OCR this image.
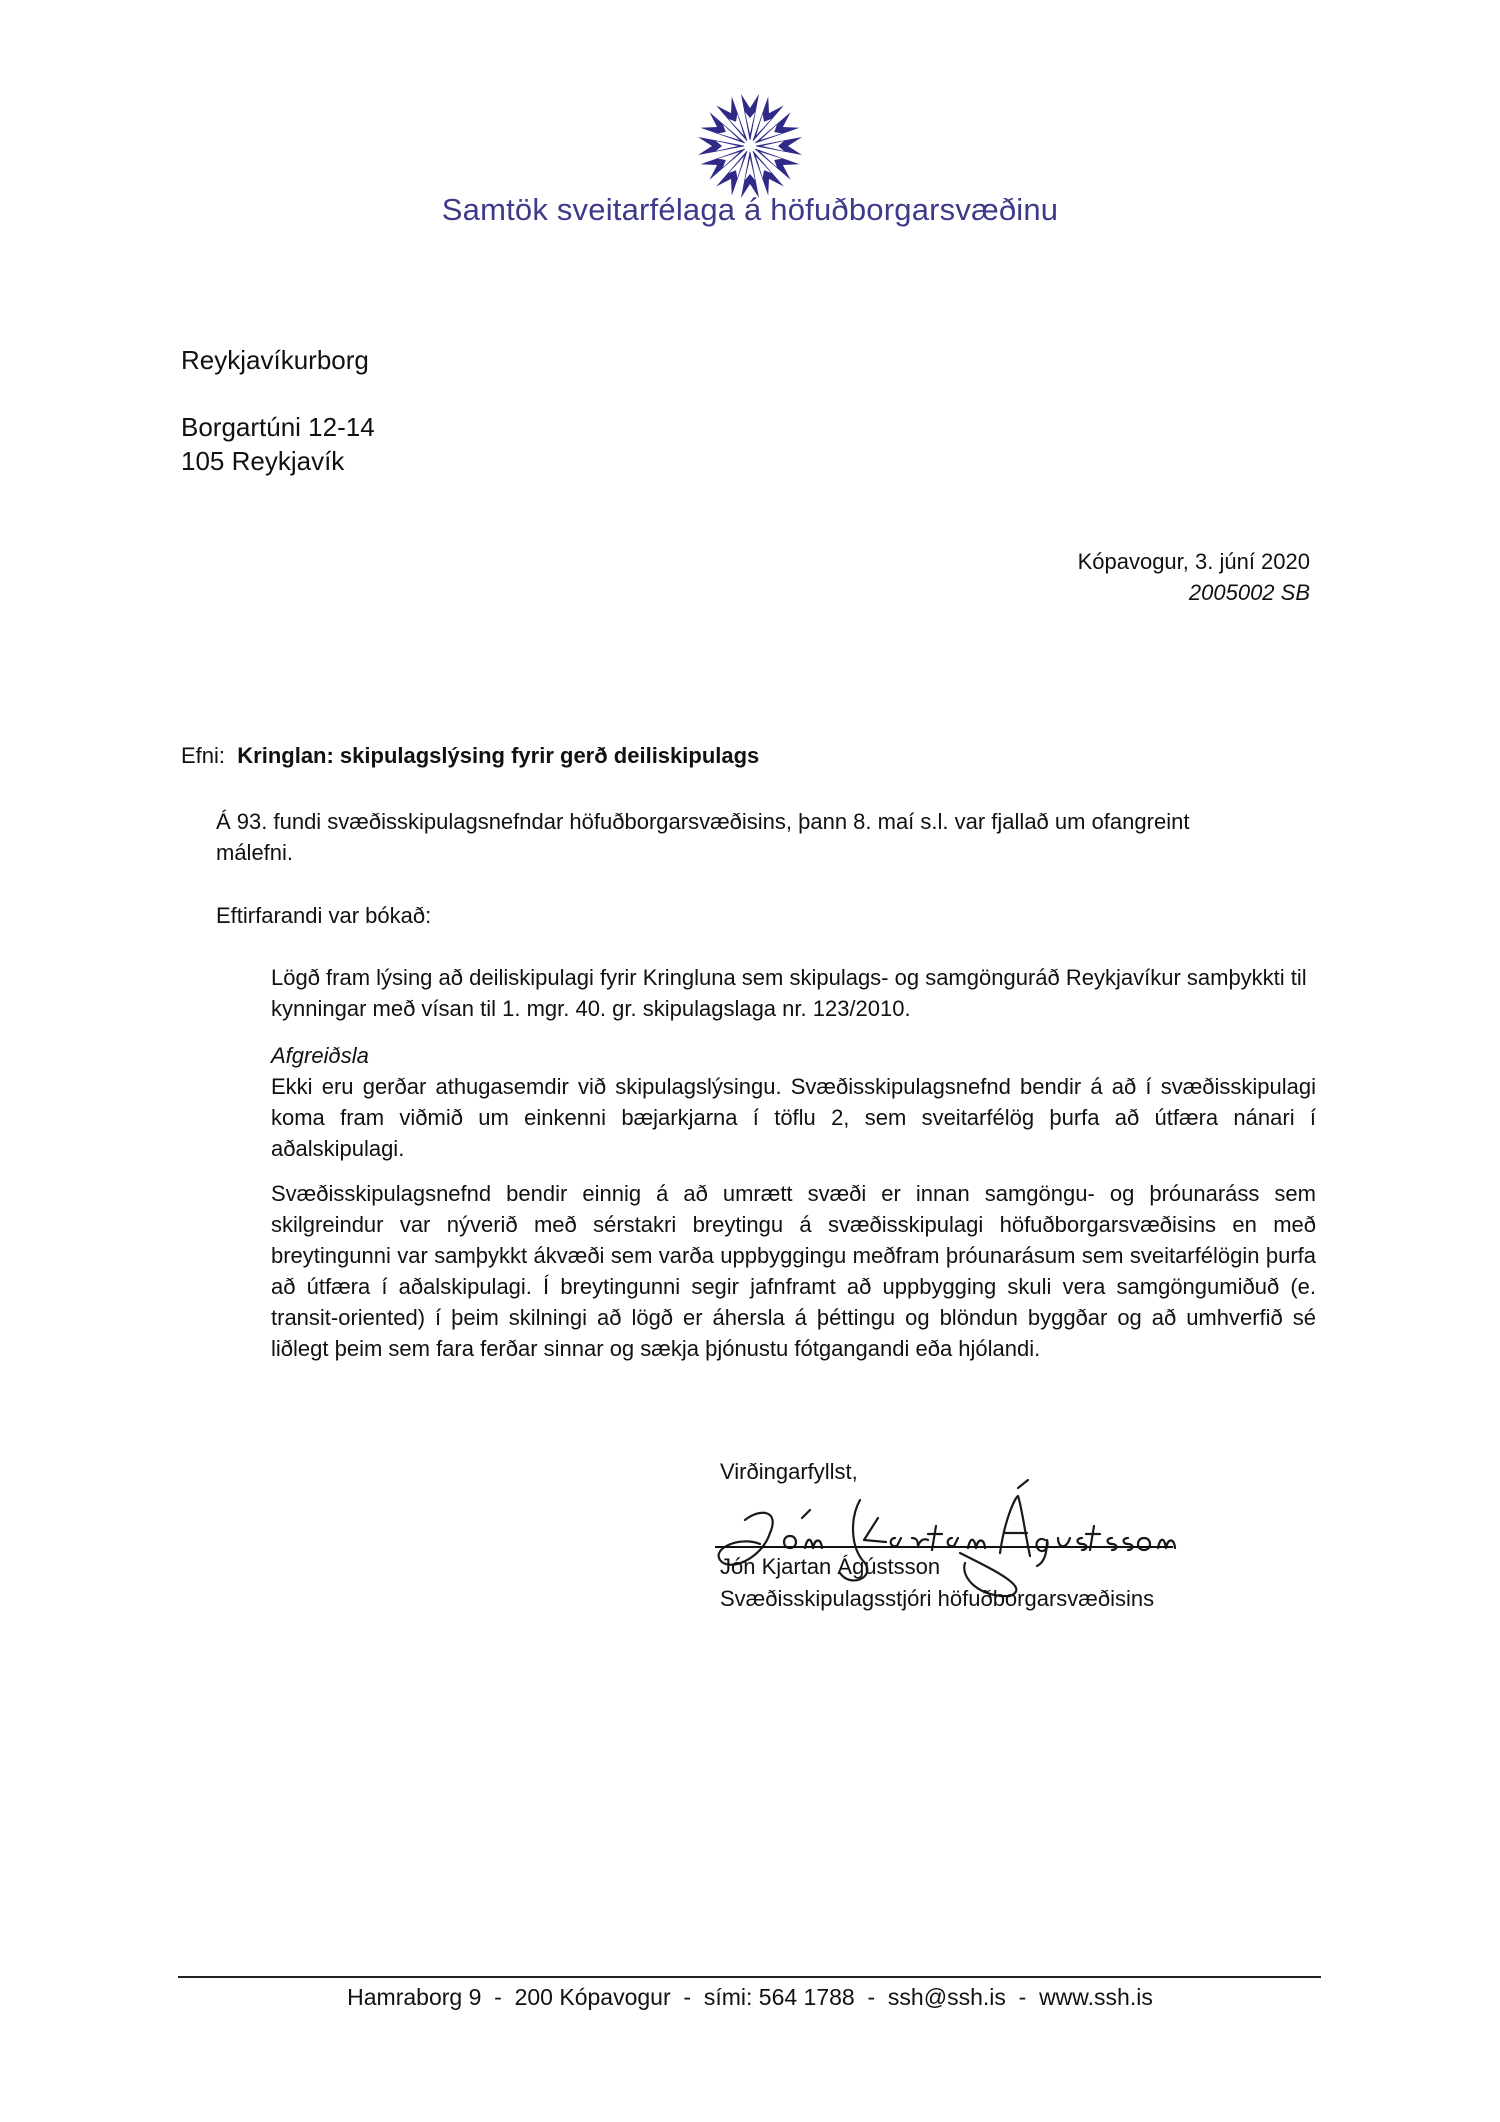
Samtök sveitarfélaga á höfuðborgarsvæðinu
Reykjavíkurborg
Borgartúni 12-14
105 Reykjavík
Kópavogur, 3. júní 2020
2005002 SB
Efni: Kringlan: skipulagslýsing fyrir gerð deiliskipulags
Á 93. fundi svæðisskipulagsnefndar höfuðborgarsvæðisins, þann 8. maí s.l. var fjallað um ofangreint málefni.
Eftirfarandi var bókað:
Lögð fram lýsing að deiliskipulagi fyrir Kringluna sem skipulags- og samgönguráð Reykjavíkur samþykkti til kynningar með vísan til 1. mgr. 40. gr. skipulagslaga nr. 123/2010.
Afgreiðsla
Ekki eru gerðar athugasemdir við skipulagslýsingu. Svæðisskipulagsnefnd bendir á að í svæðisskipulagi koma fram viðmið um einkenni bæjarkjarna í töflu 2, sem sveitarfélög þurfa að útfæra nánari í aðalskipulagi.
Svæðisskipulagsnefnd bendir einnig á að umrætt svæði er innan samgöngu- og þróunaráss sem skilgreindur var nýverið með sérstakri breytingu á svæðisskipulagi höfuðborgarsvæðisins en með breytingunni var samþykkt ákvæði sem varða uppbyggingu meðfram þróunarásum sem sveitarfélögin þurfa að útfæra í aðalskipulagi. Í breytingunni segir jafnframt að uppbygging skuli vera samgöngumiðuð (e. transit-oriented) í þeim skilningi að lögð er áhersla á þéttingu og blöndun byggðar og að umhverfið sé liðlegt þeim sem fara ferðar sinnar og sækja þjónustu fótgangandi eða hjólandi.
Virðingarfyllst,
Jón Kjartan Ágústsson
Svæðisskipulagsstjóri höfuðborgarsvæðisins
Hamraborg 9  -  200 Kópavogur  -  sími: 564 1788  -  ssh@ssh.is  -  www.ssh.is
